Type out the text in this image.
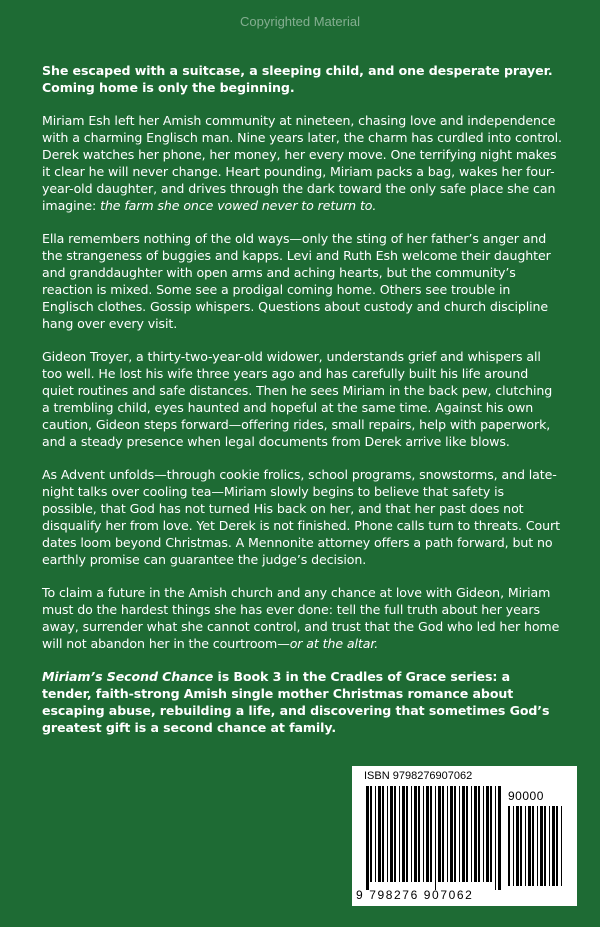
Copyrighted Material

She escaped with a suitcase, a sleeping child, and one desperate prayer. Coming home is only the beginning.

Miriam Esh left her Amish community at nineteen, chasing love and independence with a charming Englisch man. Nine years later, the charm has curdled into control. Derek watches her phone, her money, her every move. One terrifying night makes it clear he will never change. Heart pounding, Miriam packs a bag, wakes her four-year-old daughter, and drives through the dark toward the only safe place she can imagine: the farm she once vowed never to return to.

Ella remembers nothing of the old ways—only the sting of her father’s anger and the strangeness of buggies and kapps. Levi and Ruth Esh welcome their daughter and granddaughter with open arms and aching hearts, but the community’s reaction is mixed. Some see a prodigal coming home. Others see trouble in Englisch clothes. Gossip whispers. Questions about custody and church discipline hang over every visit.

Gideon Troyer, a thirty-two-year-old widower, understands grief and whispers all too well. He lost his wife three years ago and has carefully built his life around quiet routines and safe distances. Then he sees Miriam in the back pew, clutching a trembling child, eyes haunted and hopeful at the same time. Against his own caution, Gideon steps forward—offering rides, small repairs, help with paperwork, and a steady presence when legal documents from Derek arrive like blows.

As Advent unfolds—through cookie frolics, school programs, snowstorms, and late-night talks over cooling tea—Miriam slowly begins to believe that safety is possible, that God has not turned His back on her, and that her past does not disqualify her from love. Yet Derek is not finished. Phone calls turn to threats. Court dates loom beyond Christmas. A Mennonite attorney offers a path forward, but no earthly promise can guarantee the judge’s decision.

To claim a future in the Amish church and any chance at love with Gideon, Miriam must do the hardest things she has ever done: tell the full truth about her years away, surrender what she cannot control, and trust that the God who led her home will not abandon her in the courtroom—or at the altar.

Miriam’s Second Chance is Book 3 in the Cradles of Grace series: a tender, faith-strong Amish single mother Christmas romance about escaping abuse, rebuilding a life, and discovering that sometimes God’s greatest gift is a second chance at family.

ISBN 9798276907062
90000
9 798276 907062
